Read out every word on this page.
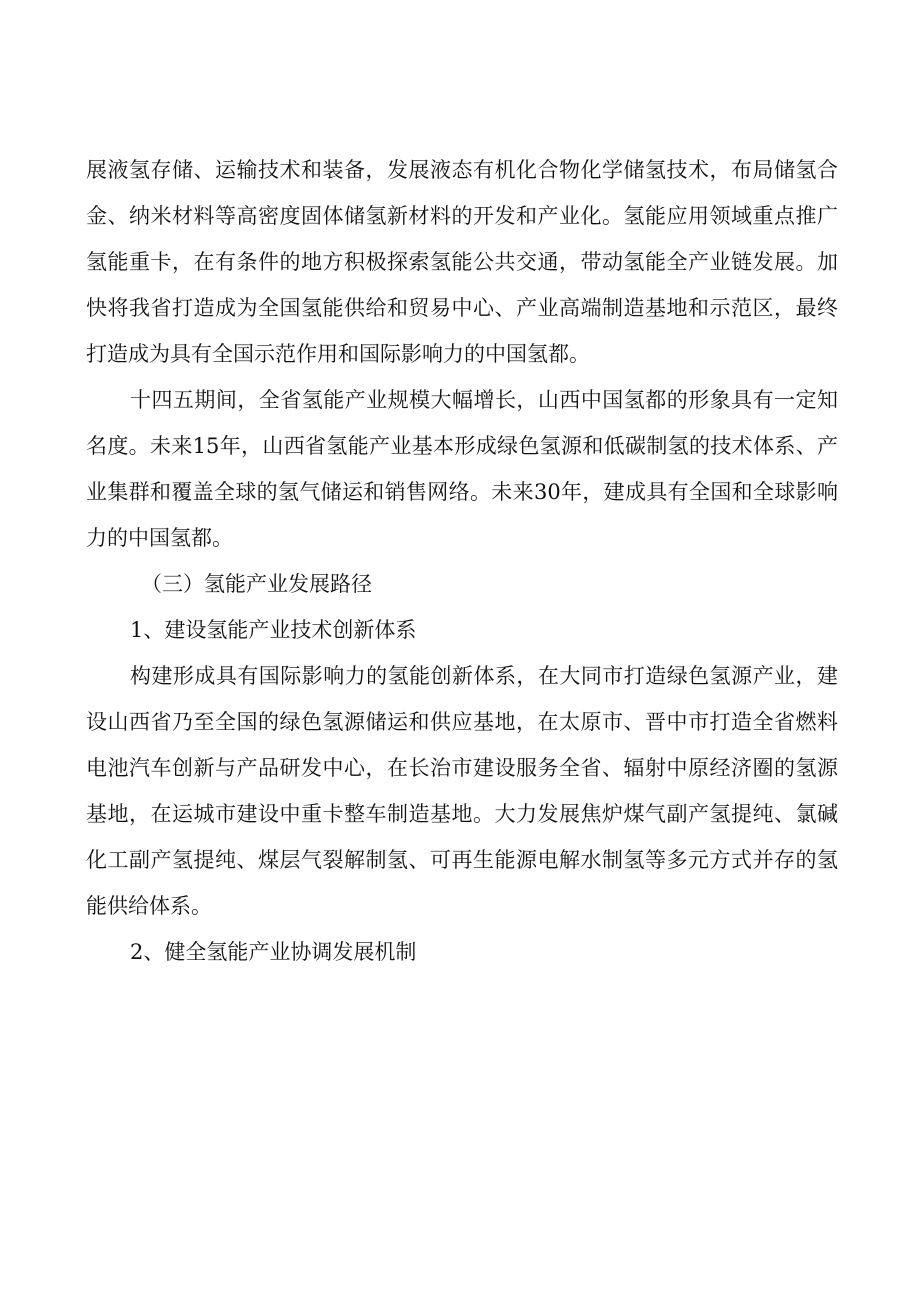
展液氢存储、运输技术和装备，发展液态有机化合物化学储氢技术，布局储氢合金、纳米材料等高密度固体储氢新材料的开发和产业化。氢能应用领域重点推广氢能重卡，在有条件的地方积极探索氢能公共交通，带动氢能全产业链发展。加快将我省打造成为全国氢能供给和贸易中心、产业高端制造基地和示范区，最终打造成为具有全国示范作用和国际影响力的中国氢都。

十四五期间，全省氢能产业规模大幅增长，山西中国氢都的形象具有一定知名度。未来15年，山西省氢能产业基本形成绿色氢源和低碳制氢的技术体系、产业集群和覆盖全球的氢气储运和销售网络。未来30年，建成具有全国和全球影响力的中国氢都。

（三）氢能产业发展路径

1、建设氢能产业技术创新体系

构建形成具有国际影响力的氢能创新体系，在大同市打造绿色氢源产业，建设山西省乃至全国的绿色氢源储运和供应基地，在太原市、晋中市打造全省燃料电池汽车创新与产品研发中心，在长治市建设服务全省、辐射中原经济圈的氢源基地，在运城市建设中重卡整车制造基地。大力发展焦炉煤气副产氢提纯、氯碱化工副产氢提纯、煤层气裂解制氢、可再生能源电解水制氢等多元方式并存的氢能供给体系。

2、健全氢能产业协调发展机制
